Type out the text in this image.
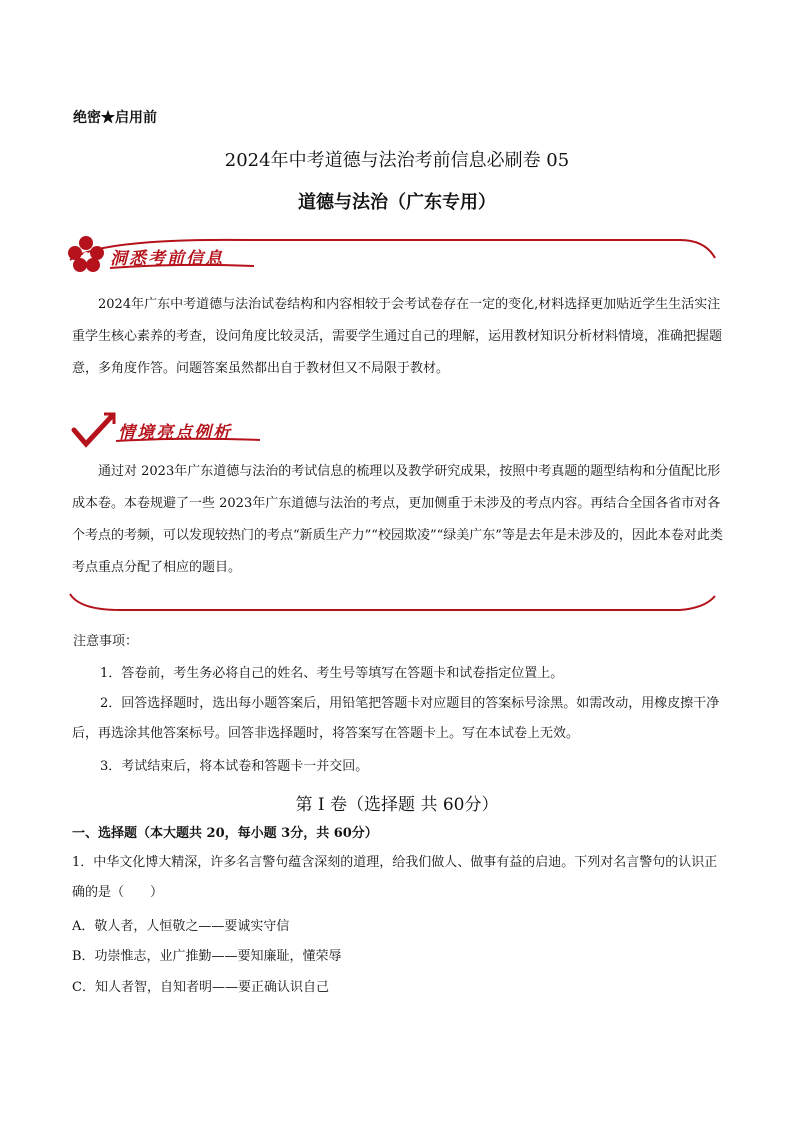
绝密★启用前
2024年中考道德与法治考前信息必刷卷 05
道德与法治（广东专用）
洞悉考前信息
2024年广东中考道德与法治试卷结构和内容相较于会考试卷存在一定的变化,材料选择更加贴近学生生活实注重学生核心素养的考查，设问角度比较灵活，需要学生通过自己的理解，运用教材知识分析材料情境，准确把握题意，多角度作答。问题答案虽然都出自于教材但又不局限于教材。
情境亮点例析
通过对 2023年广东道德与法治的考试信息的梳理以及教学研究成果，按照中考真题的题型结构和分值配比形成本卷。本卷规避了一些 2023年广东道德与法治的考点，更加侧重于未涉及的考点内容。再结合全国各省市对各个考点的考频，可以发现较热门的考点“新质生产力”“校园欺凌”“绿美广东”等是去年是未涉及的，因此本卷对此类考点重点分配了相应的题目。
注意事项：
1．答卷前，考生务必将自己的姓名、考生号等填写在答题卡和试卷指定位置上。
2．回答选择题时，选出每小题答案后，用铅笔把答题卡对应题目的答案标号涂黑。如需改动，用橡皮擦干净后，再选涂其他答案标号。回答非选择题时，将答案写在答题卡上。写在本试卷上无效。
3．考试结束后，将本试卷和答题卡一并交回。
第 I 卷（选择题 共 60分）
一、选择题（本大题共 20，每小题 3分，共 60分）
1．中华文化博大精深，许多名言警句蕴含深刻的道理，给我们做人、做事有益的启迪。下列对名言警句的认识正确的是（　　）
A．敬人者，人恒敬之——要诚实守信
B．功崇惟志，业广推勤——要知廉耻，懂荣辱
C．知人者智，自知者明——要正确认识自己
